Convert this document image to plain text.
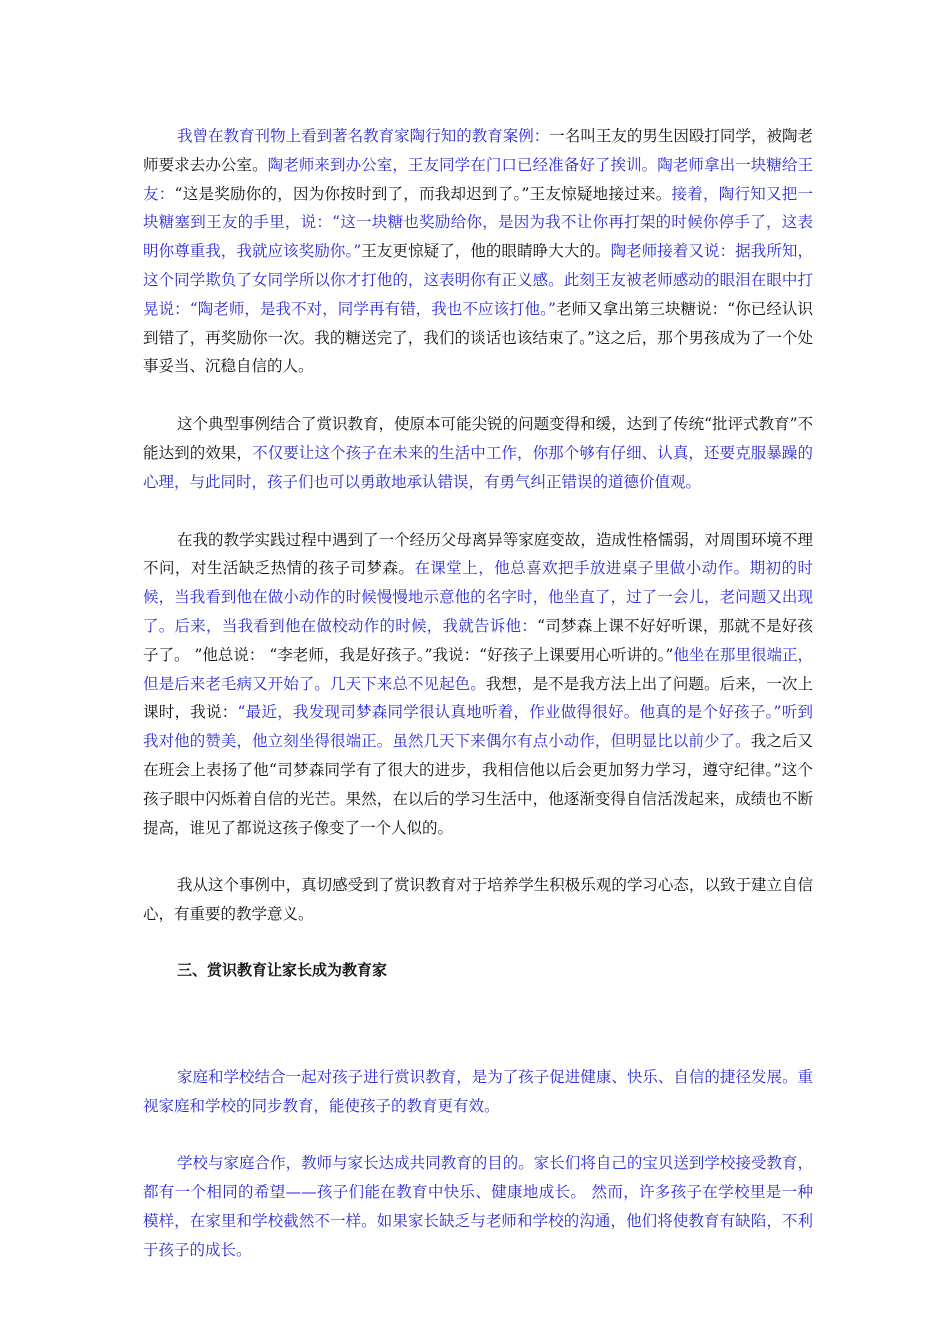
我曾在教育刊物上看到著名教育家陶行知的教育案例：一名叫王友的男生因殴打同学，被陶老师要求去办公室。陶老师来到办公室，王友同学在门口已经准备好了挨训。陶老师拿出一块糖给王友：“这是奖励你的，因为你按时到了，而我却迟到了。”王友惊疑地接过来。接着，陶行知又把一块糖塞到王友的手里，说：“这一块糖也奖励给你，是因为我不让你再打架的时候你停手了，这表明你尊重我，我就应该奖励你。”王友更惊疑了，他的眼睛睁大大的。陶老师接着又说：据我所知，这个同学欺负了女同学所以你才打他的，这表明你有正义感。此刻王友被老师感动的眼泪在眼中打晃说：“陶老师，是我不对，同学再有错，我也不应该打他。”老师又拿出第三块糖说：“你已经认识到错了，再奖励你一次。我的糖送完了，我们的谈话也该结束了。”这之后，那个男孩成为了一个处事妥当、沉稳自信的人。

这个典型事例结合了赏识教育，使原本可能尖锐的问题变得和缓，达到了传统“批评式教育”不能达到的效果，不仅要让这个孩子在未来的生活中工作，你那个够有仔细、认真，还要克服暴躁的心理，与此同时，孩子们也可以勇敢地承认错误，有勇气纠正错误的道德价值观。

在我的教学实践过程中遇到了一个经历父母离异等家庭变故，造成性格懦弱，对周围环境不理不问，对生活缺乏热情的孩子司梦森。在课堂上，他总喜欢把手放进桌子里做小动作。期初的时候，当我看到他在做小动作的时候慢慢地示意他的名字时，他坐直了，过了一会儿，老问题又出现了。后来，当我看到他在做校动作的时候，我就告诉他：“司梦森上课不好好听课，那就不是好孩子了。 ”他总说： “李老师，我是好孩子。”我说：“好孩子上课要用心听讲的。”他坐在那里很端正，但是后来老毛病又开始了。几天下来总不见起色。我想，是不是我方法上出了问题。后来，一次上课时，我说：“最近，我发现司梦森同学很认真地听着，作业做得很好。他真的是个好孩子。”听到我对他的赞美，他立刻坐得很端正。虽然几天下来偶尔有点小动作，但明显比以前少了。我之后又在班会上表扬了他“司梦森同学有了很大的进步，我相信他以后会更加努力学习，遵守纪律。”这个孩子眼中闪烁着自信的光芒。果然，在以后的学习生活中，他逐渐变得自信活泼起来，成绩也不断提高，谁见了都说这孩子像变了一个人似的。

我从这个事例中，真切感受到了赏识教育对于培养学生积极乐观的学习心态，以致于建立自信心，有重要的教学意义。

三、赏识教育让家长成为教育家

家庭和学校结合一起对孩子进行赏识教育，是为了孩子促进健康、快乐、自信的捷径发展。重视家庭和学校的同步教育，能使孩子的教育更有效。

学校与家庭合作，教师与家长达成共同教育的目的。家长们将自己的宝贝送到学校接受教育，都有一个相同的希望——孩子们能在教育中快乐、健康地成长。 然而，许多孩子在学校里是一种模样，在家里和学校截然不一样。如果家长缺乏与老师和学校的沟通，他们将使教育有缺陷，不利于孩子的成长。
